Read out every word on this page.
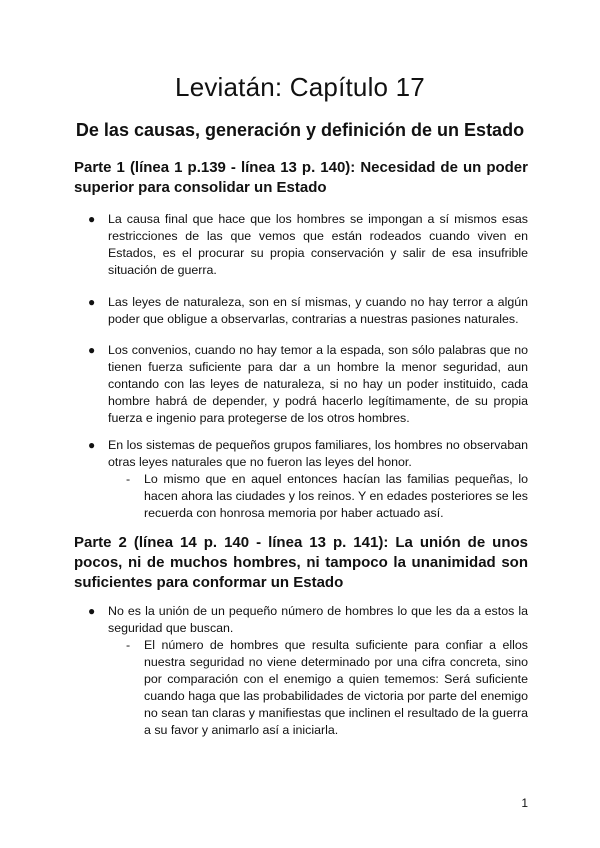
Leviatán: Capítulo 17
De las causas, generación y definición de un Estado
Parte 1 (línea 1 p.139 - línea 13 p. 140): Necesidad de un poder superior para consolidar un Estado
● La causa final que hace que los hombres se impongan a sí mismos esas restricciones de las que vemos que están rodeados cuando viven en Estados, es el procurar su propia conservación y salir de esa insufrible situación de guerra.
● Las leyes de naturaleza, son en sí mismas, y cuando no hay terror a algún poder que obligue a observarlas, contrarias a nuestras pasiones naturales.
● Los convenios, cuando no hay temor a la espada, son sólo palabras que no tienen fuerza suficiente para dar a un hombre la menor seguridad, aun contando con las leyes de naturaleza, si no hay un poder instituido, cada hombre habrá de depender, y podrá hacerlo legítimamente, de su propia fuerza e ingenio para protegerse de los otros hombres.
● En los sistemas de pequeños grupos familiares, los hombres no observaban otras leyes naturales que no fueron las leyes del honor.
- Lo mismo que en aquel entonces hacían las familias pequeñas, lo hacen ahora las ciudades y los reinos. Y en edades posteriores se les recuerda con honrosa memoria por haber actuado así.
Parte 2 (línea 14 p. 140 - línea 13 p. 141): La unión de unos pocos, ni de muchos hombres, ni tampoco la unanimidad son suficientes para conformar un Estado
● No es la unión de un pequeño número de hombres lo que les da a estos la seguridad que buscan.
- El número de hombres que resulta suficiente para confiar a ellos nuestra seguridad no viene determinado por una cifra concreta, sino por comparación con el enemigo a quien tememos: Será suficiente cuando haga que las probabilidades de victoria por parte del enemigo no sean tan claras y manifiestas que inclinen el resultado de la guerra a su favor y animarlo así a iniciarla.
1
